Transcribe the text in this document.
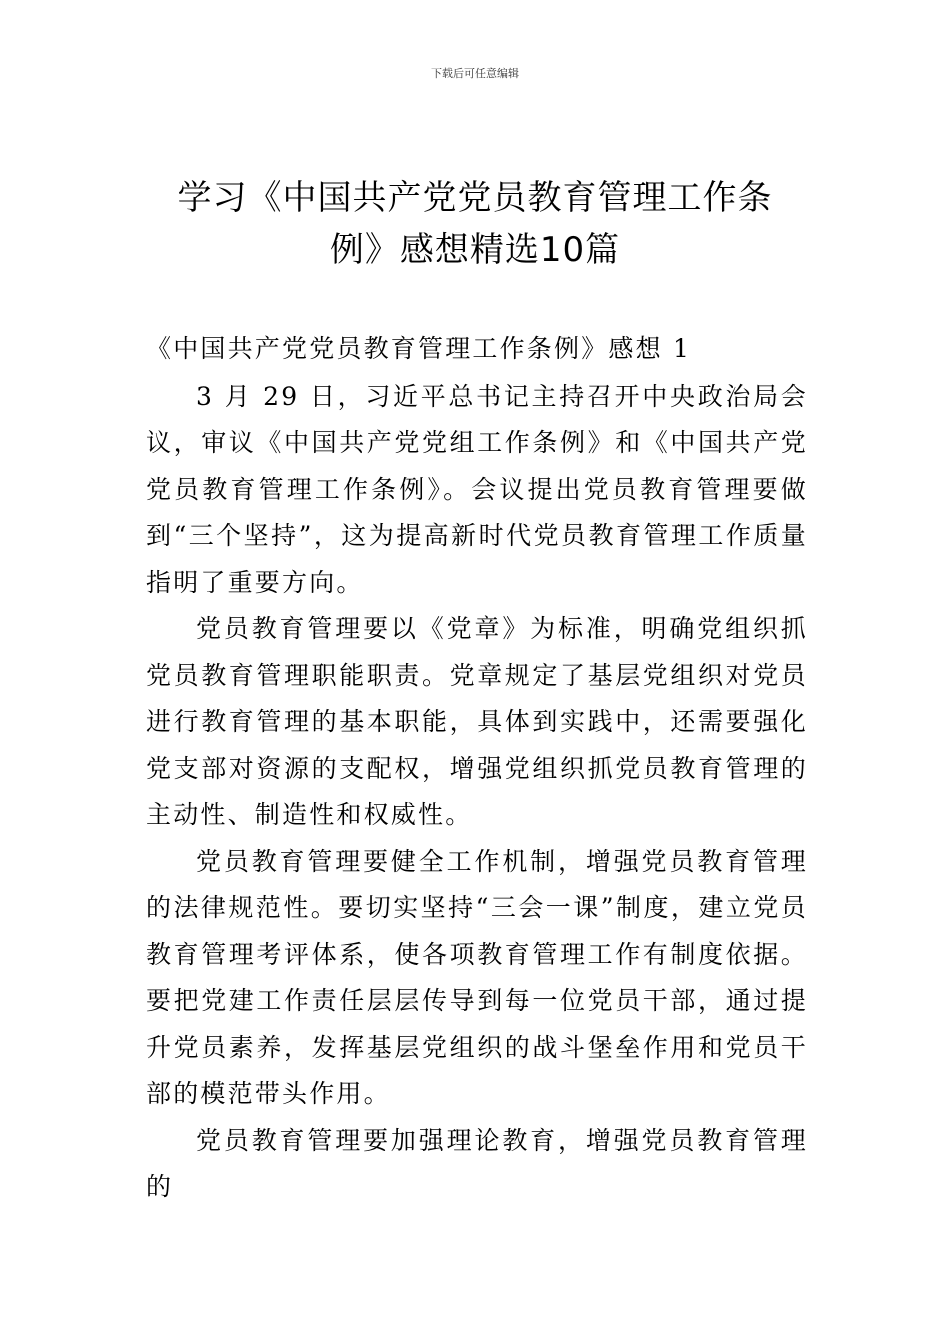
下载后可任意编辑
学习《中国共产党党员教育管理工作条例》感想精选10篇

《中国共产党党员教育管理工作条例》感想 1

3 月 29 日，习近平总书记主持召开中央政治局会议，审议《中国共产党党组工作条例》和《中国共产党党员教育管理工作条例》。会议提出党员教育管理要做到“三个坚持”，这为提高新时代党员教育管理工作质量指明了重要方向。

党员教育管理要以《党章》为标准，明确党组织抓党员教育管理职能职责。党章规定了基层党组织对党员进行教育管理的基本职能，具体到实践中，还需要强化党支部对资源的支配权，增强党组织抓党员教育管理的主动性、制造性和权威性。

党员教育管理要健全工作机制，增强党员教育管理的法律规范性。要切实坚持“三会一课”制度，建立党员教育管理考评体系，使各项教育管理工作有制度依据。要把党建工作责任层层传导到每一位党员干部，通过提升党员素养，发挥基层党组织的战斗堡垒作用和党员干部的模范带头作用。

党员教育管理要加强理论教育，增强党员教育管理的
